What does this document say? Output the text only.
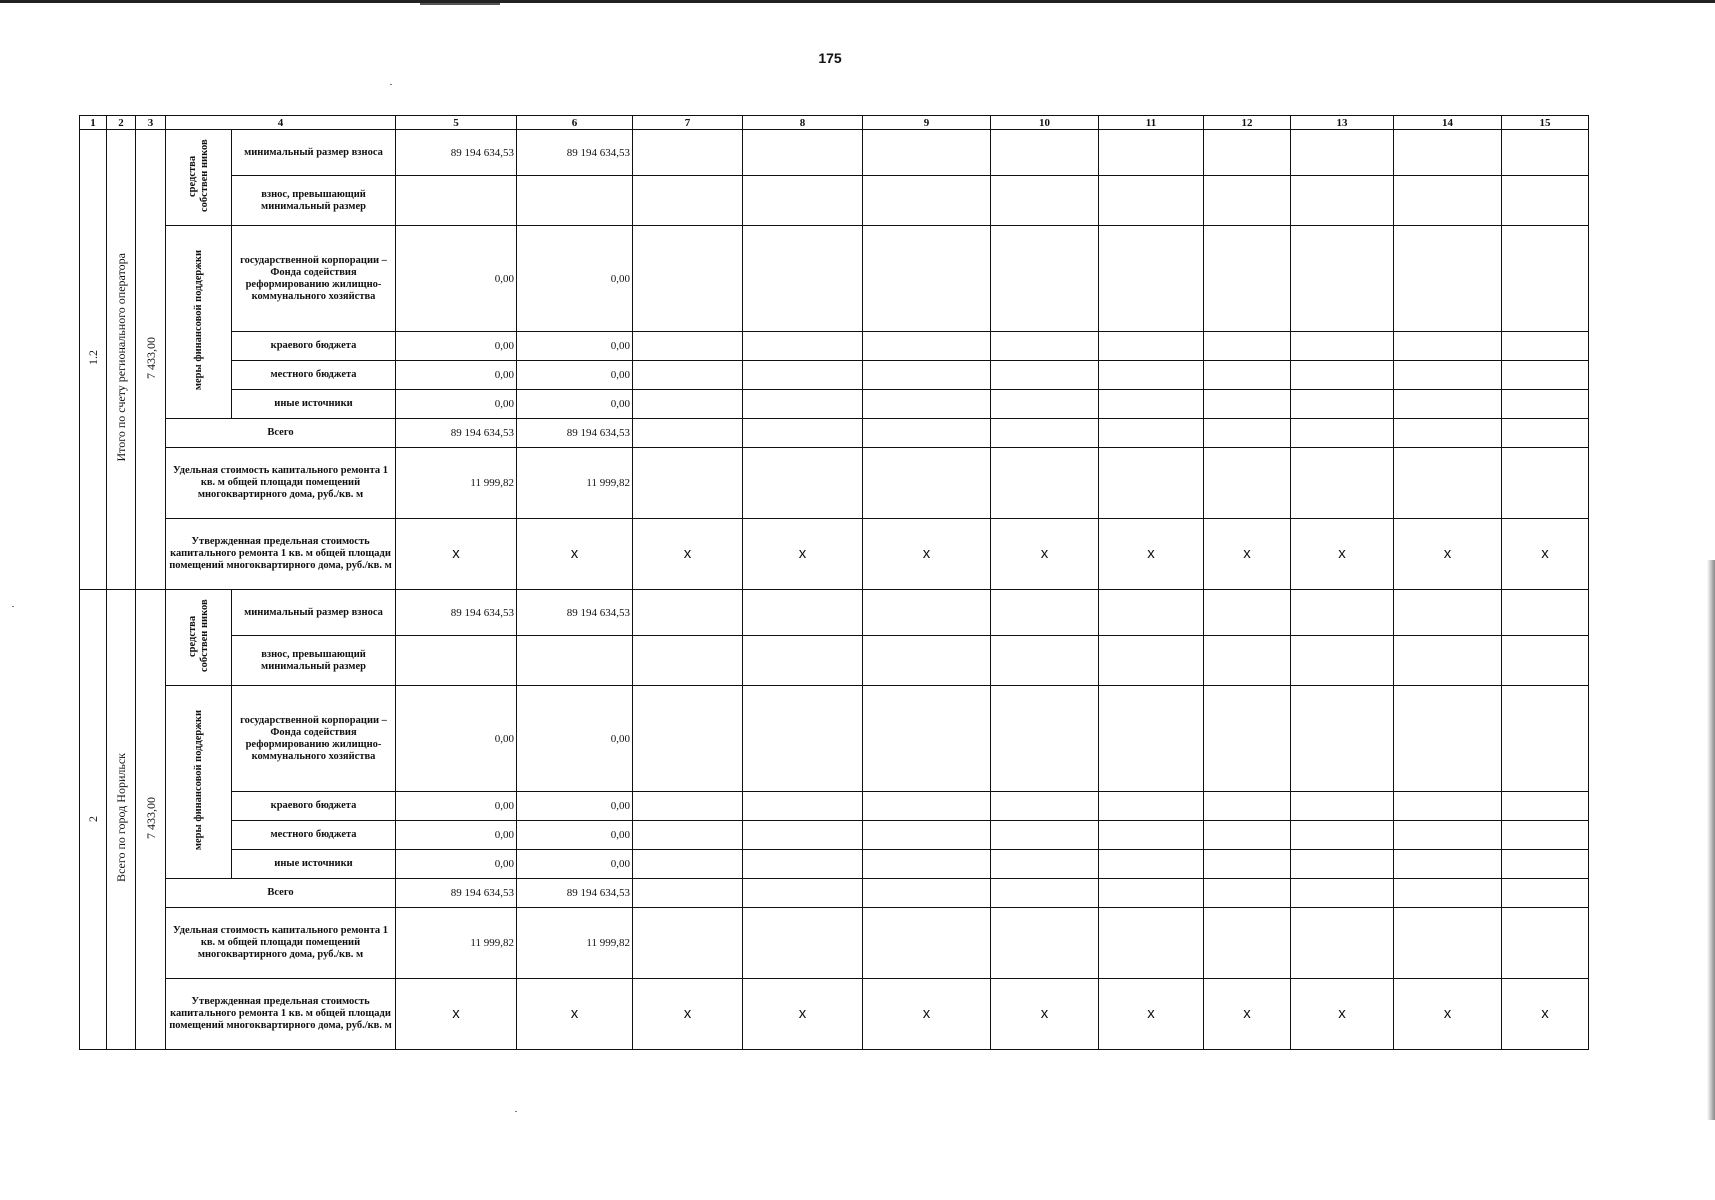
175
1	2	3	4		5	6	7	8	9	10	11	12	13	14	15
1.2	Итого по счету регионального оператора	7 433,00	средства собствен ников	минимальный размер взноса	89 194 634,53	89 194 634,53									
				взнос, превышающий минимальный размер											
			меры финансовой поддержки	государственной корпорации – Фонда содействия реформированию жилищно-коммунального хозяйства	0,00	0,00									
				краевого бюджета	0,00	0,00									
				местного бюджета	0,00	0,00									
				иные источники	0,00	0,00									
			Всего		89 194 634,53	89 194 634,53									
			Удельная стоимость капитального ремонта 1 кв. м общей площади помещений многоквартирного дома, руб./кв. м		11 999,82	11 999,82									
			Утвержденная предельная стоимость капитального ремонта 1 кв. м общей площади помещений многоквартирного дома, руб./кв. м		x	x	x	x	x	x	x	x	x	x	x
2	Всего по город Норильск	7 433,00	средства собствен ников	минимальный размер взноса	89 194 634,53	89 194 634,53									
				взнос, превышающий минимальный размер											
			меры финансовой поддержки	государственной корпорации – Фонда содействия реформированию жилищно-коммунального хозяйства	0,00	0,00									
				краевого бюджета	0,00	0,00									
				местного бюджета	0,00	0,00									
				иные источники	0,00	0,00									
			Всего		89 194 634,53	89 194 634,53									
			Удельная стоимость капитального ремонта 1 кв. м общей площади помещений многоквартирного дома, руб./кв. м		11 999,82	11 999,82									
			Утвержденная предельная стоимость капитального ремонта 1 кв. м общей площади помещений многоквартирного дома, руб./кв. м		x	x	x	x	x	x	x	x	x	x	x
